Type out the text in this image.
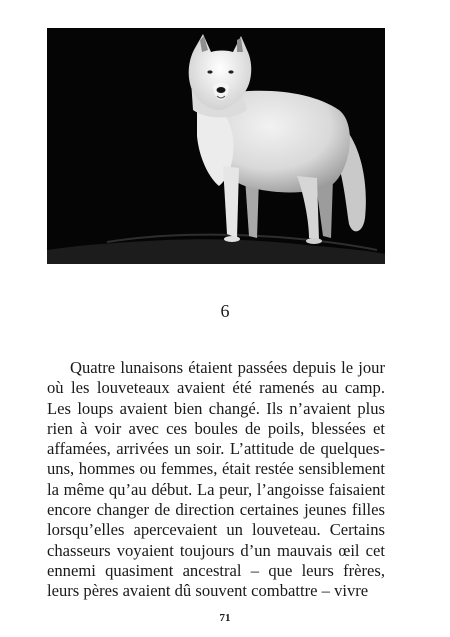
6

Quatre lunaisons étaient passées depuis le jour où les louveteaux avaient été ramenés au camp. Les loups avaient bien changé. Ils n’avaient plus rien à voir avec ces boules de poils, blessées et affamées, arrivées un soir. L’attitude de quelquesuns, hommes ou femmes, était restée sensiblement la même qu’au début. La peur, l’angoisse faisaient encore changer de direction certaines jeunes filles lorsqu’elles apercevaient un louveteau. Certains chasseurs voyaient toujours d’un mauvais œil cet ennemi quasiment ancestral – que leurs frères, leurs pères avaient dû souvent combattre – vivre

71
